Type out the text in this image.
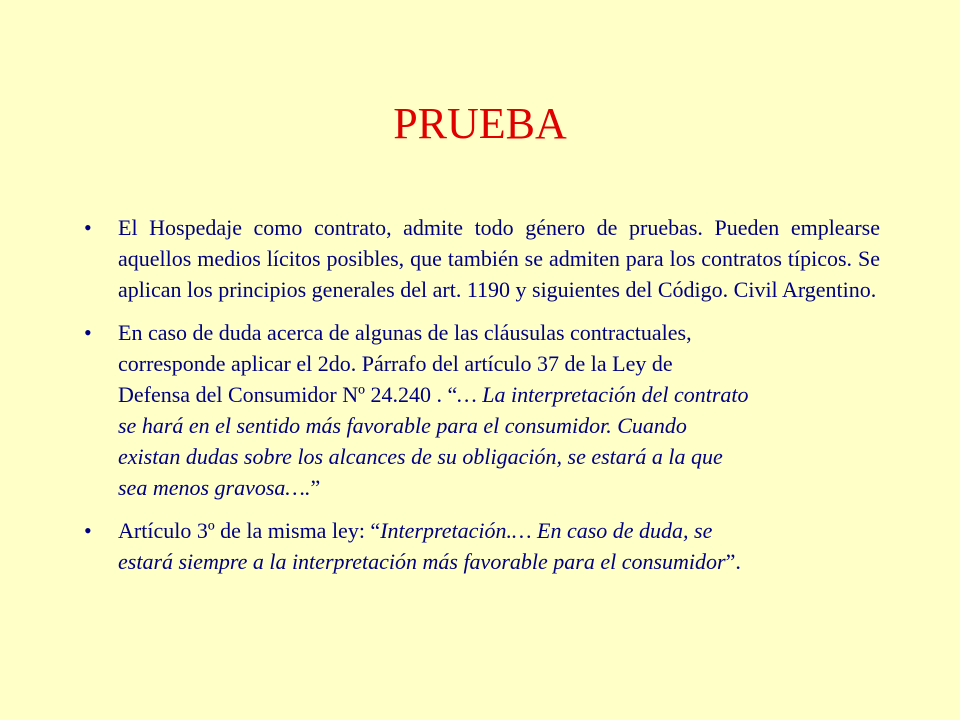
PRUEBA
• El Hospedaje como contrato, admite todo género de pruebas. Pueden emplearse aquellos medios lícitos posibles, que también se admiten para los contratos típicos. Se aplican los principios generales del art. 1190 y siguientes del Código. Civil Argentino.
• En caso de duda acerca de algunas de las cláusulas contractuales,
corresponde aplicar el 2do. Párrafo del artículo 37 de la Ley de
Defensa del Consumidor Nº 24.240 . “… La interpretación del contrato
se hará en el sentido más favorable para el consumidor. Cuando
existan dudas sobre los alcances de su obligación, se estará a la que
sea menos gravosa….”
• Artículo 3º de la misma ley: “Interpretación.… En caso de duda, se
estará siempre a la interpretación más favorable para el consumidor”.
